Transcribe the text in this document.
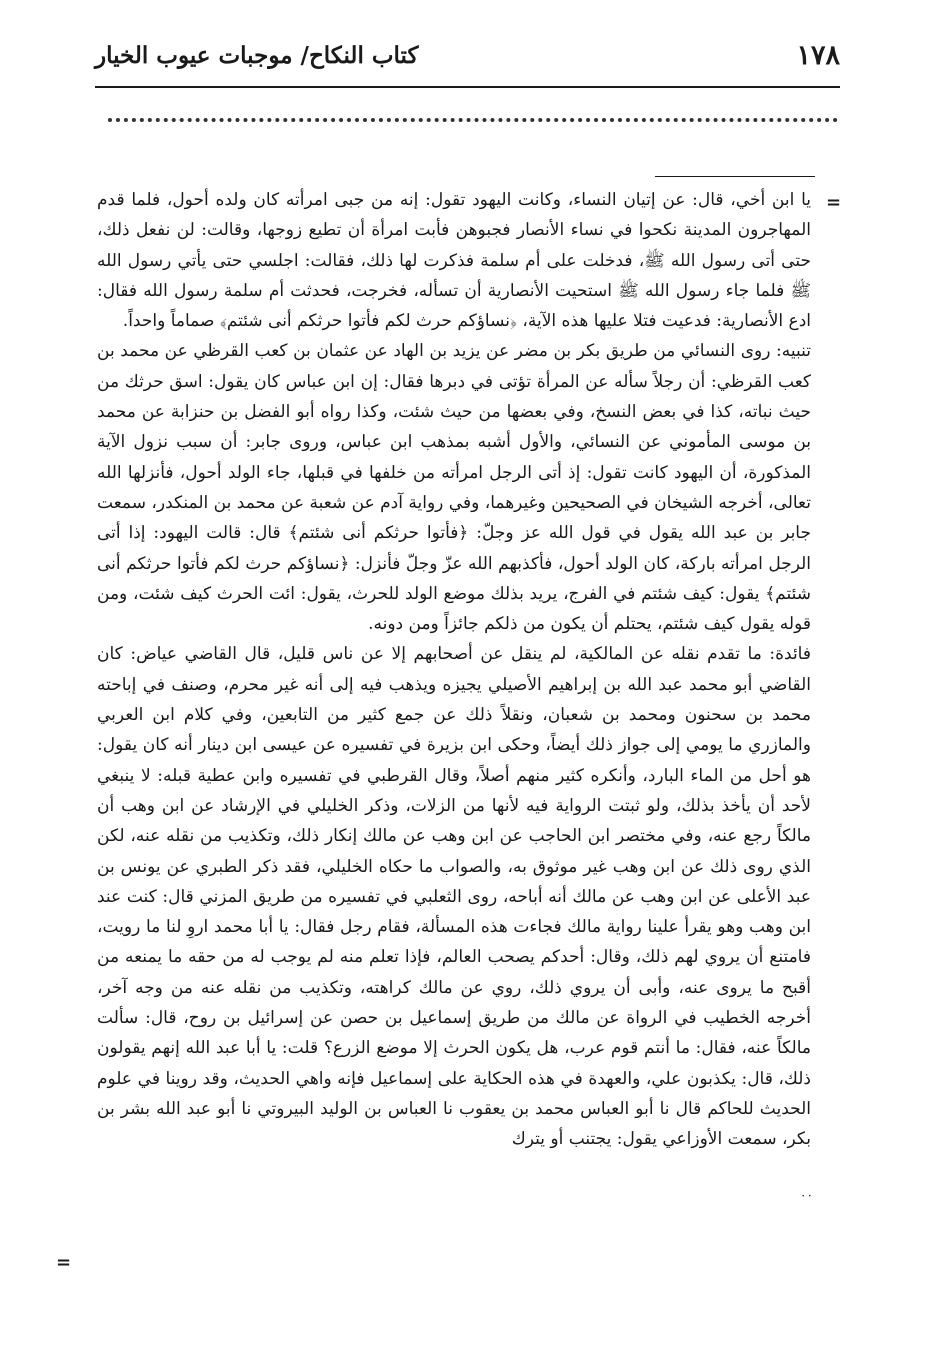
١٧٨
كتاب النكاح/ موجبات عيوب الخيار
=
٠٠

يا ابن أخي، قال: عن إتيان النساء، وكانت اليهود تقول: إنه من جبى امرأته كان ولده أحول، فلما قدم المهاجرون المدينة نكحوا في نساء الأنصار فجبوهن فأبت امرأة أن تطيع زوجها، وقالت: لن نفعل ذلك، حتى أتى رسول الله ﷺ، فدخلت على أم سلمة فذكرت لها ذلك، فقالت: اجلسي حتى يأتي رسول الله ﷺ فلما جاء رسول الله ﷺ استحيت الأنصارية أن تسأله، فخرجت، فحدثت أم سلمة رسول الله فقال: ادع الأنصارية: فدعيت فتلا عليها هذه الآية، ﴿نساؤكم حرث لكم فأتوا حرثكم أنى شئتم﴾ صماماً واحداً.

تنبيه: روى النسائي من طريق بكر بن مضر عن يزيد بن الهاد عن عثمان بن كعب القرظي عن محمد بن كعب القرظي: أن رجلاً سأله عن المرأة تؤتى في دبرها فقال: إن ابن عباس كان يقول: اسق حرثك من حيث نباته، كذا في بعض النسخ، وفي بعضها من حيث شئت، وكذا رواه أبو الفضل بن حنزابة عن محمد بن موسى المأموني عن النسائي، والأول أشبه بمذهب ابن عباس، وروى جابر: أن سبب نزول الآية المذكورة، أن اليهود كانت تقول: إذ أتى الرجل امرأته من خلفها في قبلها، جاء الولد أحول، فأنزلها الله تعالى، أخرجه الشيخان في الصحيحين وغيرهما، وفي رواية آدم عن شعبة عن محمد بن المنكدر، سمعت جابر بن عبد الله يقول في قول الله عز وجلّ: ﴿فأتوا حرثكم أنى شئتم﴾ قال: قالت اليهود: إذا أتى الرجل امرأته باركة، كان الولد أحول، فأكذبهم الله عزّ وجلّ فأنزل: ﴿نساؤكم حرث لكم فأتوا حرثكم أنى شئتم﴾ يقول: كيف شئتم في الفرج، يريد بذلك موضع الولد للحرث، يقول: ائت الحرث كيف شئت، ومن قوله يقول كيف شئتم، يحتلم أن يكون من ذلكم جائزاً ومن دونه.

فائدة: ما تقدم نقله عن المالكية، لم ينقل عن أصحابهم إلا عن ناس قليل، قال القاضي عياض: كان القاضي أبو محمد عبد الله بن إبراهيم الأصيلي يجيزه ويذهب فيه إلى أنه غير محرم، وصنف في إباحته محمد بن سحنون ومحمد بن شعبان، ونقلاً ذلك عن جمع كثير من التابعين، وفي كلام ابن العربي والمازري ما يومي إلى جواز ذلك أيضاً، وحكى ابن بزيرة في تفسيره عن عيسى ابن دينار أنه كان يقول: هو أحل من الماء البارد، وأنكره كثير منهم أصلاً، وقال القرطبي في تفسيره وابن عطية قبله: لا ينبغي لأحد أن يأخذ بذلك، ولو ثبتت الرواية فيه لأنها من الزلات، وذكر الخليلي في الإرشاد عن ابن وهب أن مالكاً رجع عنه، وفي مختصر ابن الحاجب عن ابن وهب عن مالك إنكار ذلك، وتكذيب من نقله عنه، لكن الذي روى ذلك عن ابن وهب غير موثوق به، والصواب ما حكاه الخليلي، فقد ذكر الطبري عن يونس بن عبد الأعلى عن ابن وهب عن مالك أنه أباحه، روى الثعلبي في تفسيره من طريق المزني قال: كنت عند ابن وهب وهو يقرأ علينا رواية مالك فجاءت هذه المسألة، فقام رجل فقال: يا أبا محمد اروِ لنا ما رويت، فامتنع أن يروي لهم ذلك، وقال: أحدكم يصحب العالم، فإذا تعلم منه لم يوجب له من حقه ما يمنعه من أقبح ما يروى عنه، وأبى أن يروي ذلك، روي عن مالك كراهته، وتكذيب من نقله عنه من وجه آخر، أخرجه الخطيب في الرواة عن مالك من طريق إسماعيل بن حصن عن إسرائيل بن روح، قال: سألت مالكاً عنه، فقال: ما أنتم قوم عرب، هل يكون الحرث إلا موضع الزرع؟ قلت: يا أبا عبد الله إنهم يقولون ذلك، قال: يكذبون علي، والعهدة في هذه الحكاية على إسماعيل فإنه واهي الحديث، وقد روينا في علوم الحديث للحاكم قال نا أبو العباس محمد بن يعقوب نا العباس بن الوليد البيروتي نا أبو عبد الله بشر بن بكر، سمعت الأوزاعي يقول: يجتنب أو يترك

=
